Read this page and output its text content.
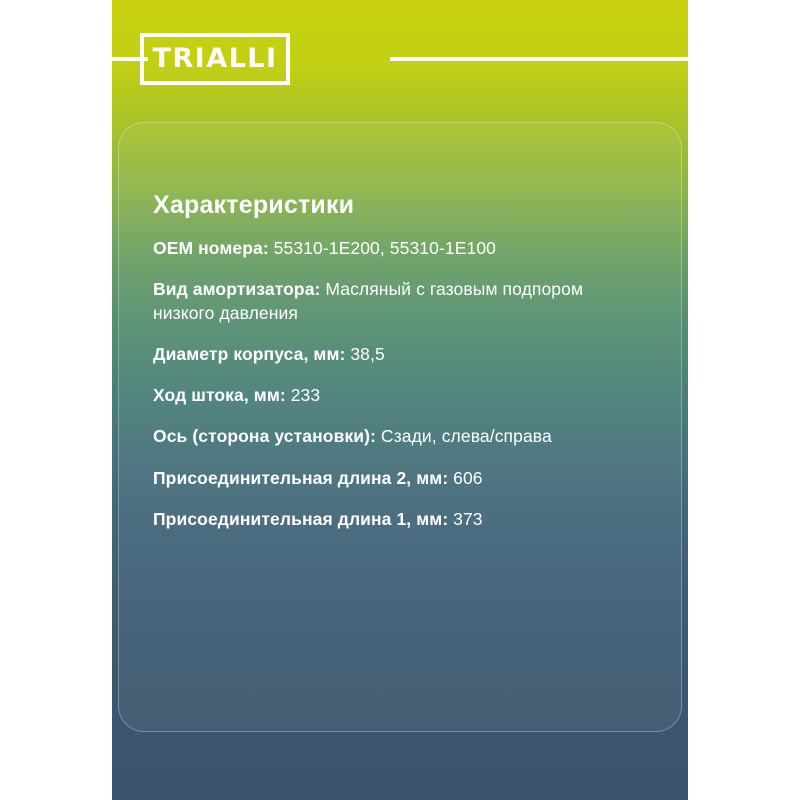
TRIALLI
Характеристики
OEM номера: 55310-1E200, 55310-1E100
Вид амортизатора: Масляный с газовым подпором низкого давления
Диаметр корпуса, мм: 38,5
Ход штока, мм: 233
Ось (сторона установки): Сзади, слева/справа
Присоединительная длина 2, мм: 606
Присоединительная длина 1, мм: 373
